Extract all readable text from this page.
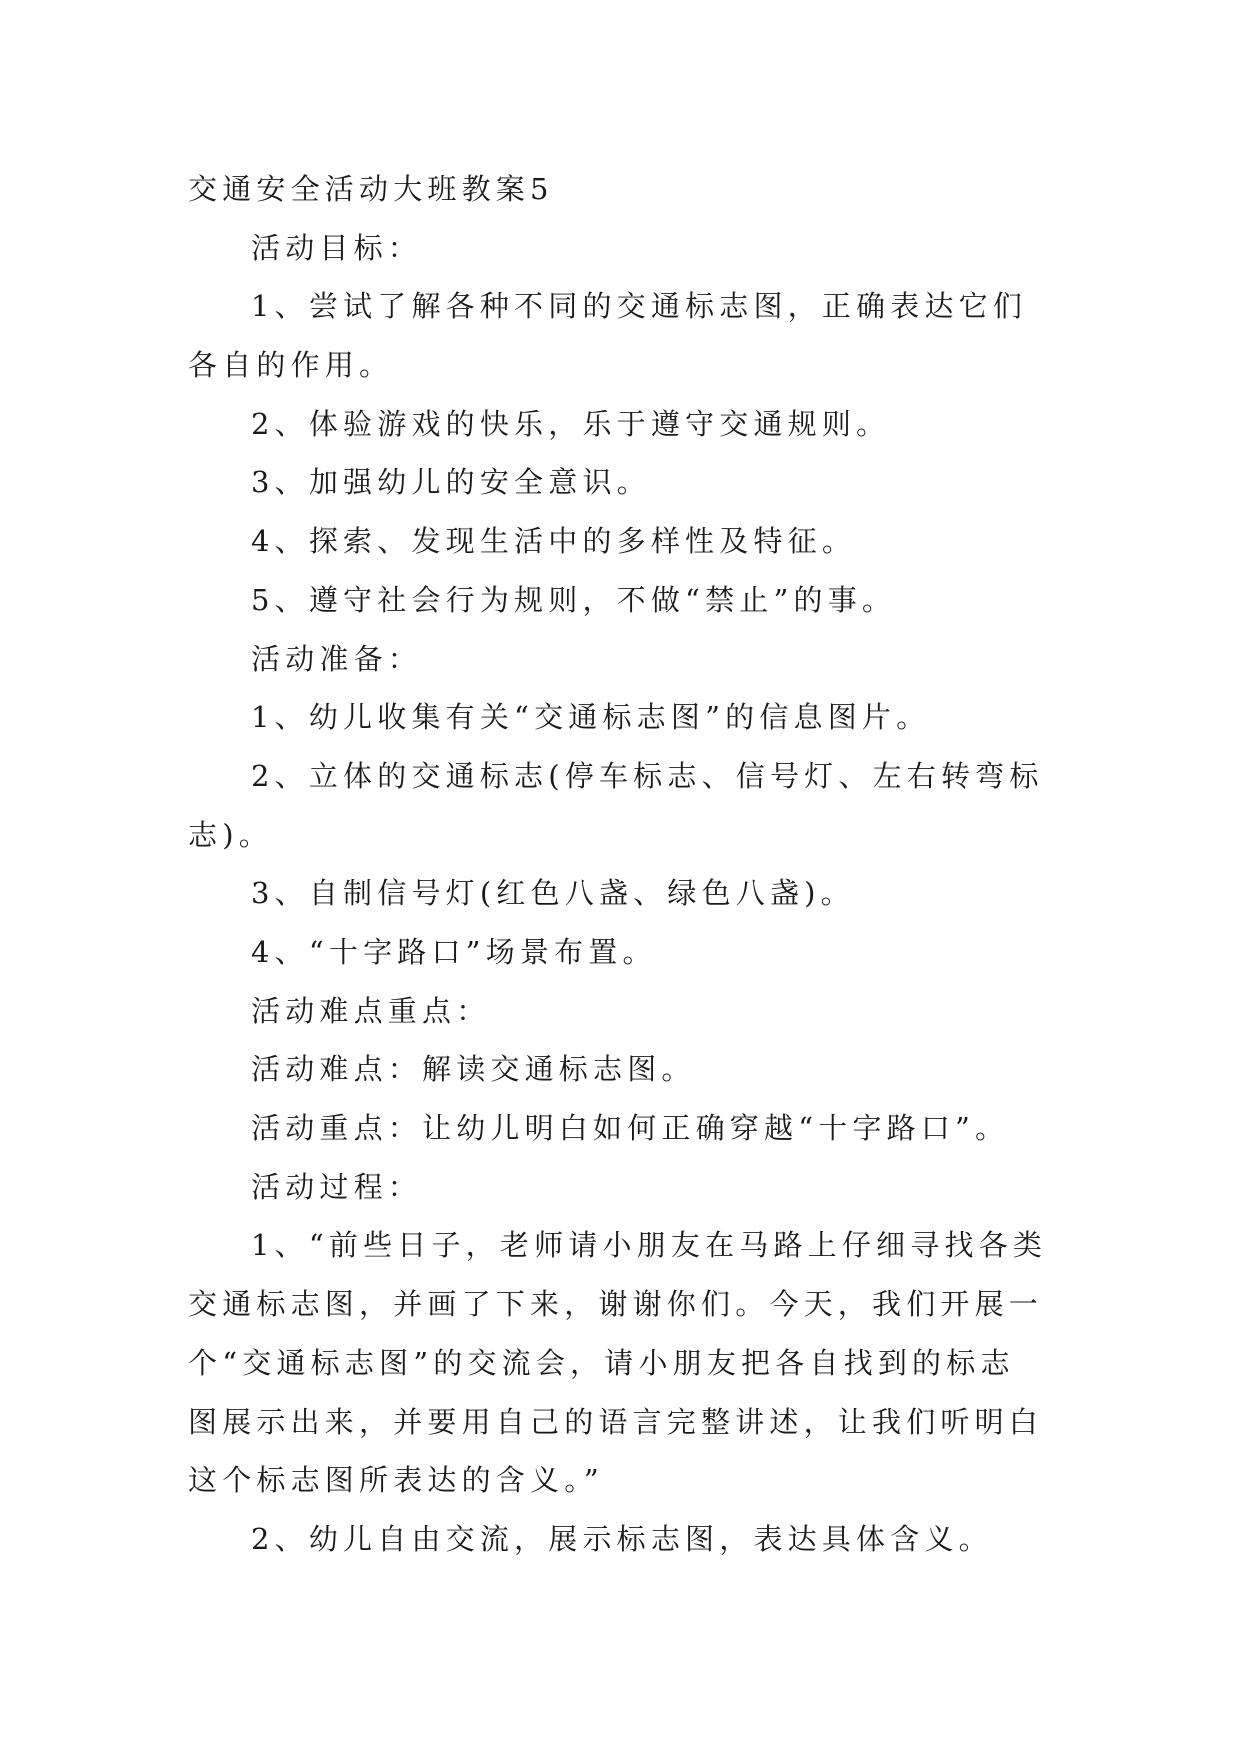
交通安全活动大班教案5

活动目标：

1、尝试了解各种不同的交通标志图，正确表达它们各自的作用。

2、体验游戏的快乐，乐于遵守交通规则。

3、加强幼儿的安全意识。

4、探索、发现生活中的多样性及特征。

5、遵守社会行为规则，不做“禁止”的事。

活动准备：

1、幼儿收集有关“交通标志图”的信息图片。

2、立体的交通标志(停车标志、信号灯、左右转弯标志)。

3、自制信号灯(红色八盏、绿色八盏)。

4、“十字路口”场景布置。

活动难点重点：

活动难点：解读交通标志图。

活动重点：让幼儿明白如何正确穿越“十字路口”。

活动过程：

1、“前些日子，老师请小朋友在马路上仔细寻找各类交通标志图，并画了下来，谢谢你们。今天，我们开展一个“交通标志图”的交流会，请小朋友把各自找到的标志图展示出来，并要用自己的语言完整讲述，让我们听明白这个标志图所表达的含义。”

2、幼儿自由交流，展示标志图，表达具体含义。
